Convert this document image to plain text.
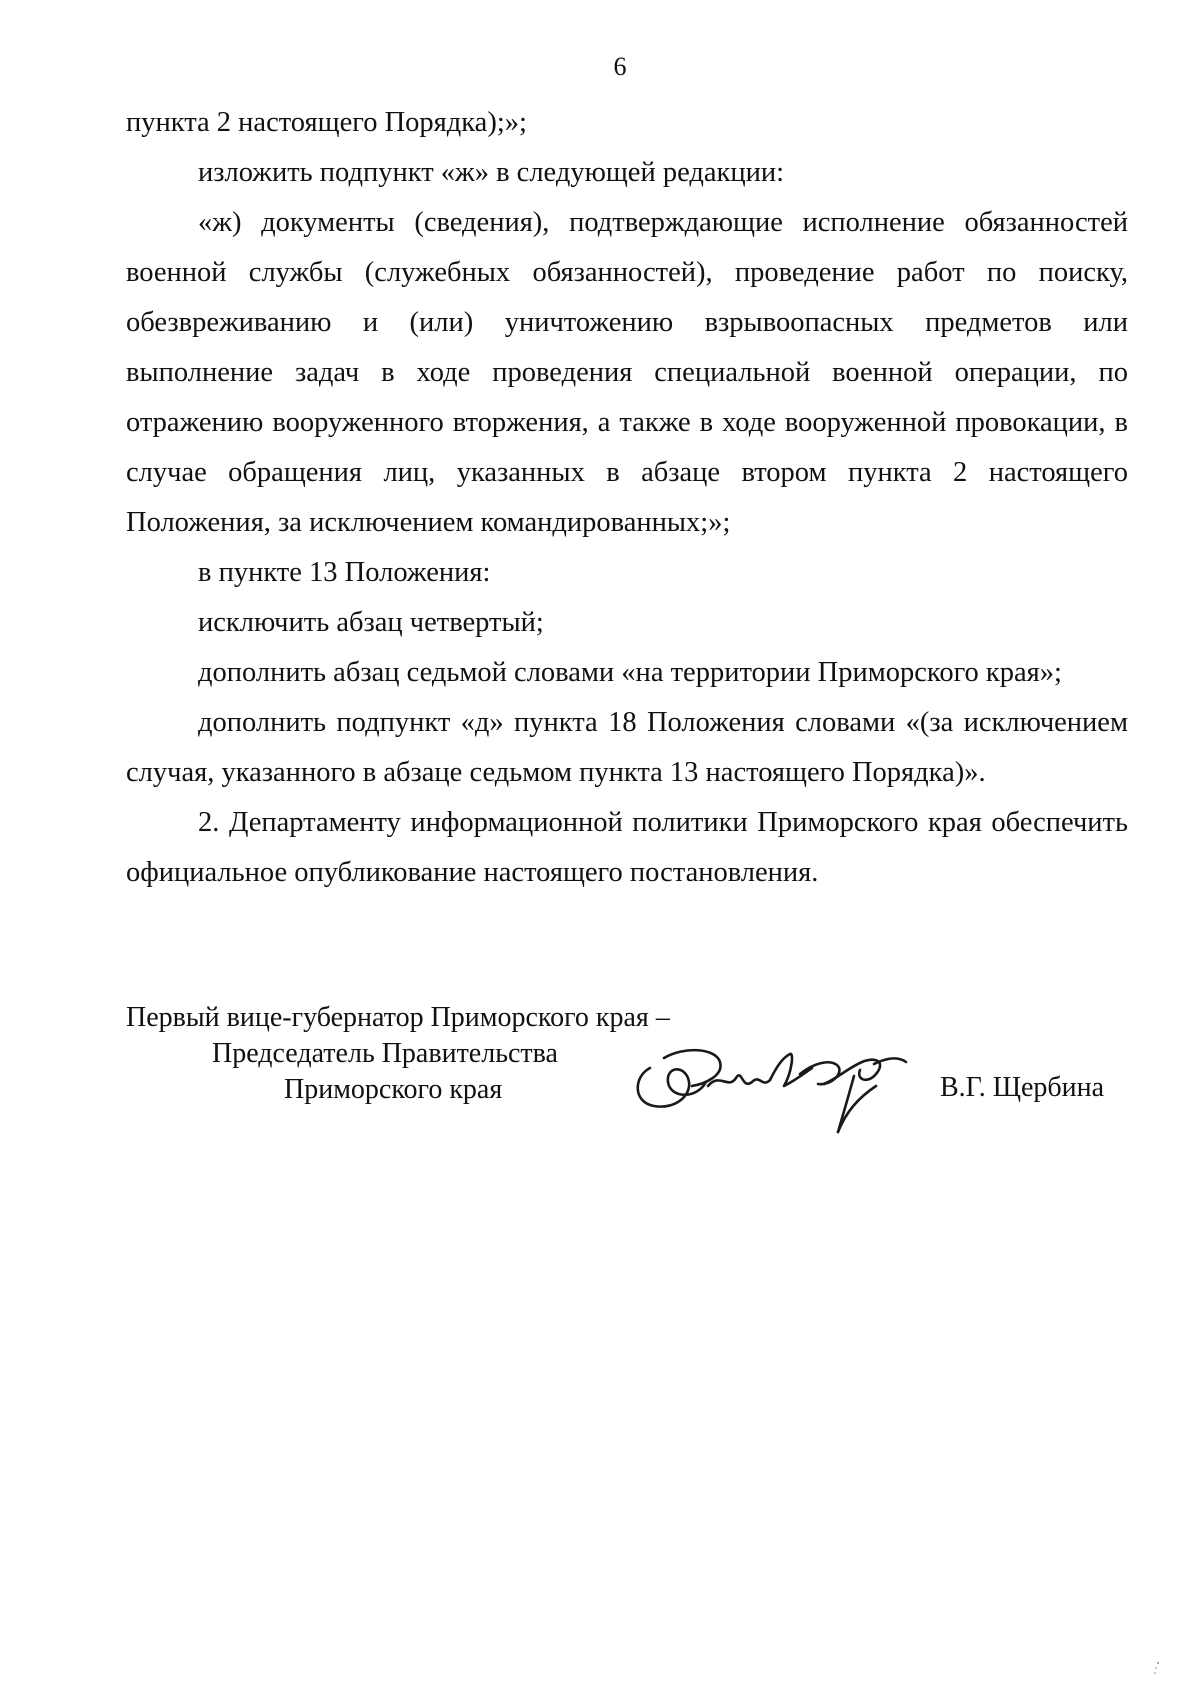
6

пункта 2 настоящего Порядка);»;

изложить подпункт «ж» в следующей редакции:

«ж) документы (сведения), подтверждающие исполнение обязанностей военной службы (служебных обязанностей), проведение работ по поиску, обезвреживанию и (или) уничтожению взрывоопасных предметов или выполнение задач в ходе проведения специальной военной операции, по отражению вооруженного вторжения, а также в ходе вооруженной провокации, в случае обращения лиц, указанных в абзаце втором пункта 2 настоящего Положения, за исключением командированных;»;

в пункте 13 Положения:

исключить абзац четвертый;

дополнить абзац седьмой словами «на территории Приморского края»;

дополнить подпункт «д» пункта 18 Положения словами «(за исключением случая, указанного в абзаце седьмом пункта 13 настоящего Порядка)».

2. Департаменту информационной политики Приморского края обеспечить официальное опубликование настоящего постановления.

Первый вице-губернатор Приморского края –
Председатель Правительства
Приморского края	В.Г. Щербина
